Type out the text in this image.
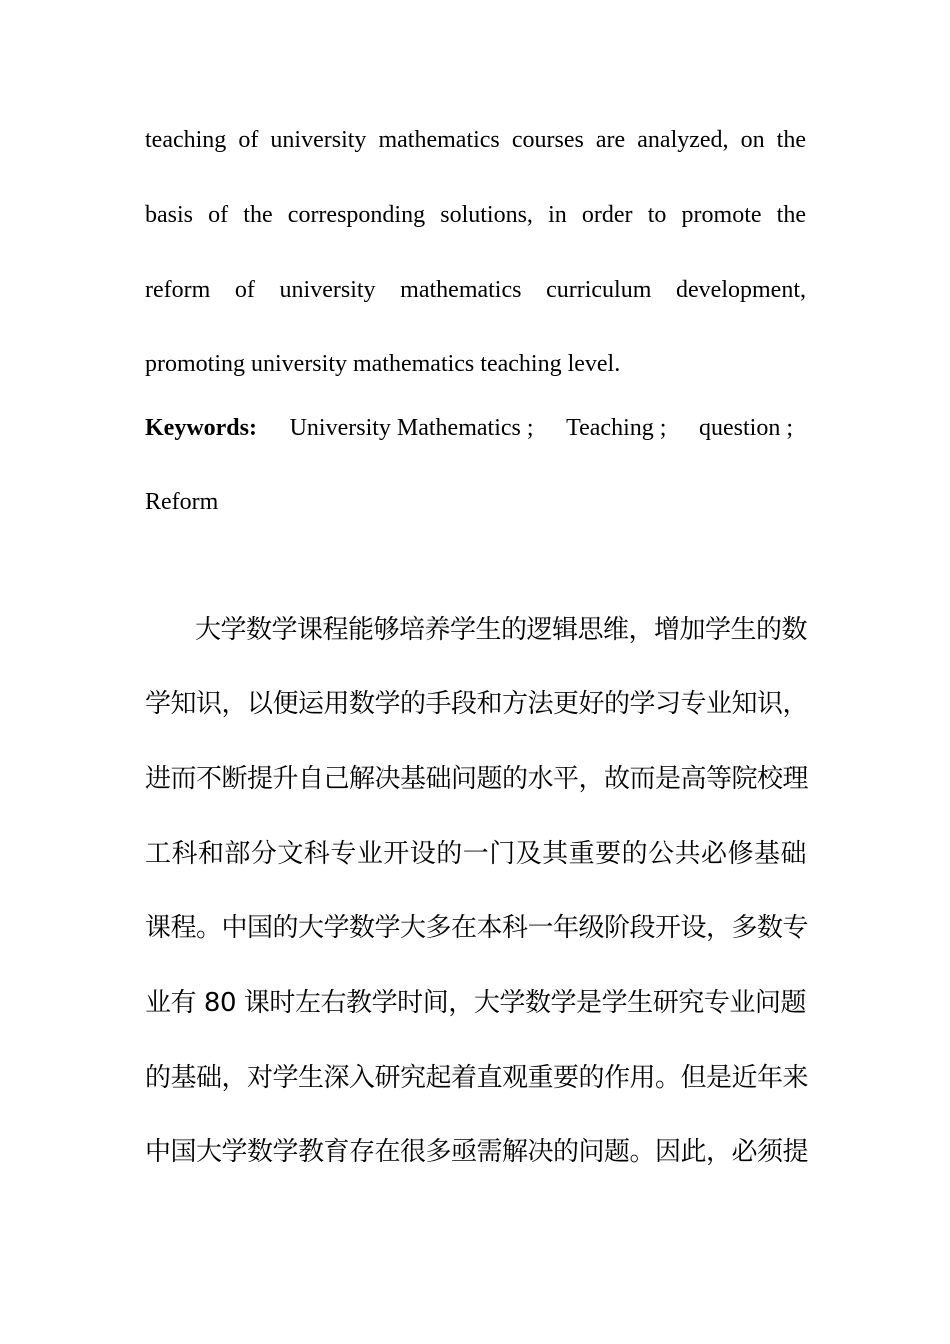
teaching of university mathematics courses are analyzed, on the
basis of the corresponding solutions, in order to promote the
reform of university mathematics curriculum development,
promoting university mathematics teaching level.
Keywords: University Mathematics ; Teaching ; question ;
Reform
大学数学课程能够培养学生的逻辑思维，增加学生的数
学知识，以便运用数学的手段和方法更好的学习专业知识，
进而不断提升自己解决基础问题的水平，故而是高等院校理
工科和部分文科专业开设的一门及其重要的公共必修基础
课程。中国的大学数学大多在本科一年级阶段开设，多数专
业有 80 课时左右教学时间，大学数学是学生研究专业问题
的基础，对学生深入研究起着直观重要的作用。但是近年来
中国大学数学教育存在很多亟需解决的问题。因此，必须提
